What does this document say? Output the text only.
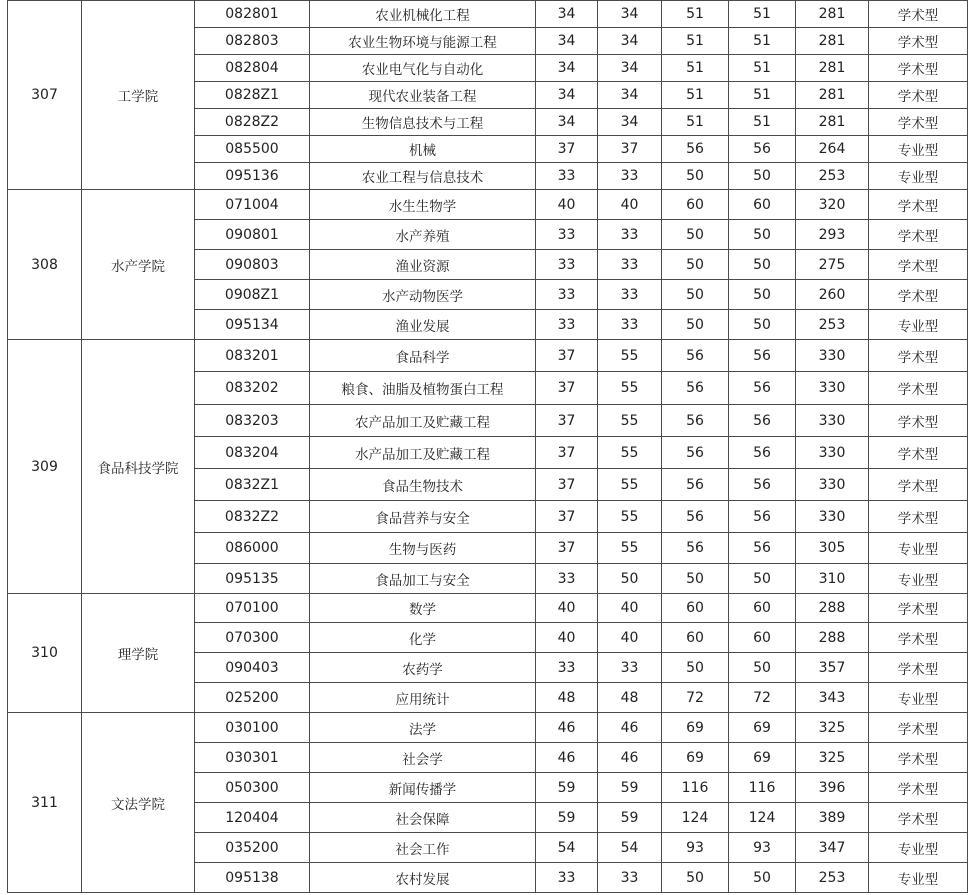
307	工学院	082801	农业机械化工程	34	34	51	51	281	学术型
		082803	农业生物环境与能源工程	34	34	51	51	281	学术型
		082804	农业电气化与自动化	34	34	51	51	281	学术型
		0828Z1	现代农业装备工程	34	34	51	51	281	学术型
		0828Z2	生物信息技术与工程	34	34	51	51	281	学术型
		085500	机械	37	37	56	56	264	专业型
		095136	农业工程与信息技术	33	33	50	50	253	专业型
308	水产学院	071004	水生生物学	40	40	60	60	320	学术型
		090801	水产养殖	33	33	50	50	293	学术型
		090803	渔业资源	33	33	50	50	275	学术型
		0908Z1	水产动物医学	33	33	50	50	260	学术型
		095134	渔业发展	33	33	50	50	253	专业型
309	食品科技学院	083201	食品科学	37	55	56	56	330	学术型
		083202	粮食、油脂及植物蛋白工程	37	55	56	56	330	学术型
		083203	农产品加工及贮藏工程	37	55	56	56	330	学术型
		083204	水产品加工及贮藏工程	37	55	56	56	330	学术型
		0832Z1	食品生物技术	37	55	56	56	330	学术型
		0832Z2	食品营养与安全	37	55	56	56	330	学术型
		086000	生物与医药	37	55	56	56	305	专业型
		095135	食品加工与安全	33	50	50	50	310	专业型
310	理学院	070100	数学	40	40	60	60	288	学术型
		070300	化学	40	40	60	60	288	学术型
		090403	农药学	33	33	50	50	357	学术型
		025200	应用统计	48	48	72	72	343	专业型
311	文法学院	030100	法学	46	46	69	69	325	学术型
		030301	社会学	46	46	69	69	325	学术型
		050300	新闻传播学	59	59	116	116	396	学术型
		120404	社会保障	59	59	124	124	389	学术型
		035200	社会工作	54	54	93	93	347	专业型
		095138	农村发展	33	33	50	50	253	专业型
